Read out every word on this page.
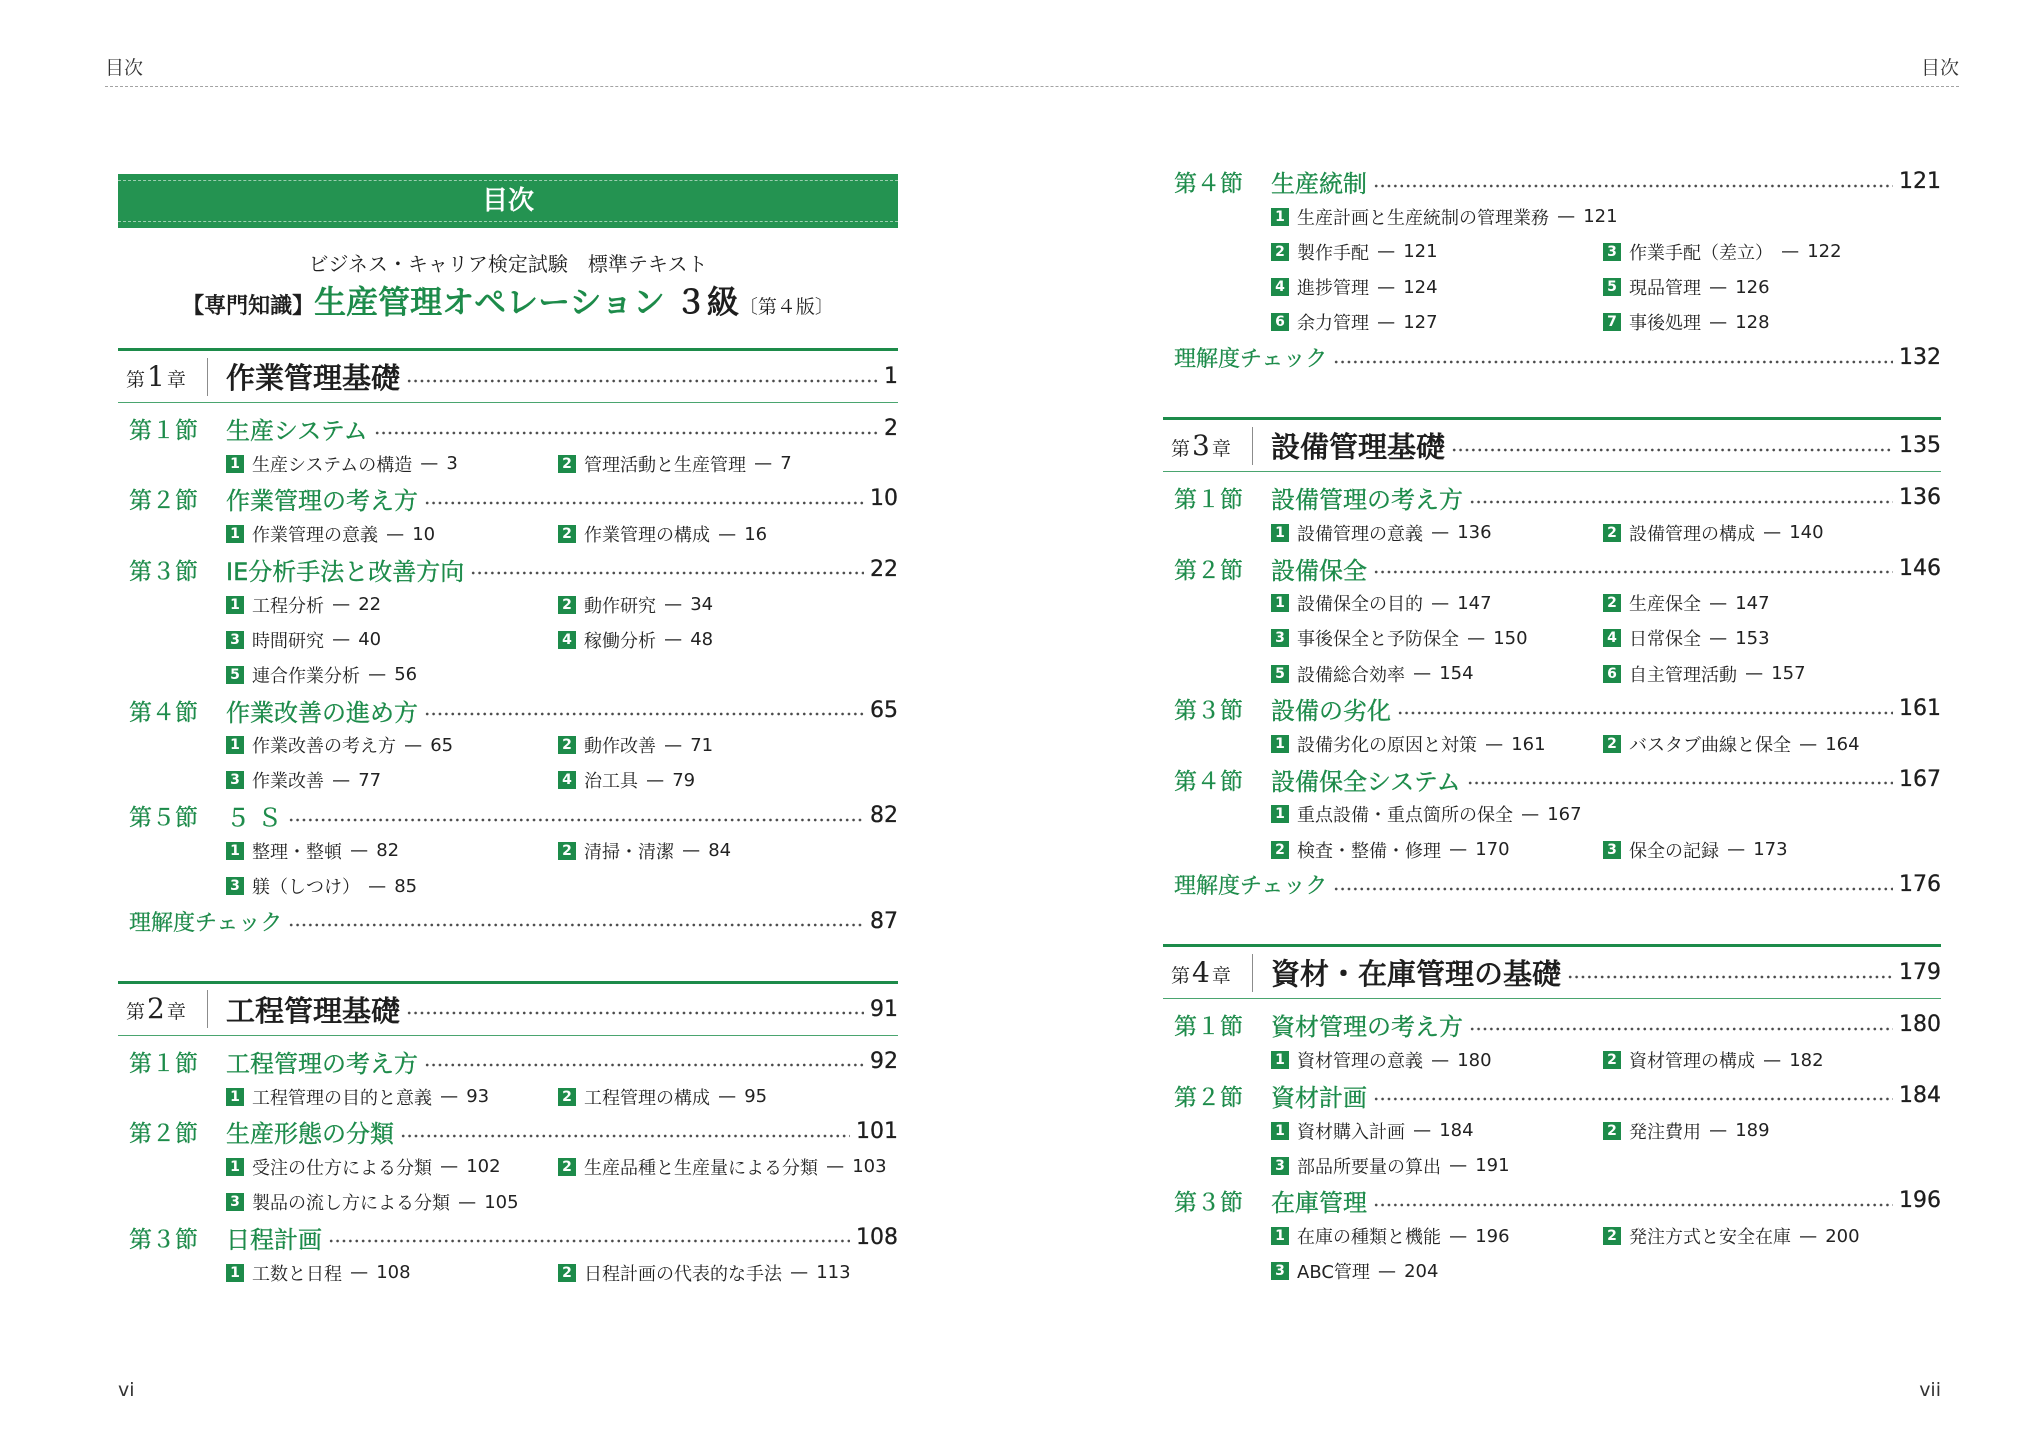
目次	目次
目次
ビジネス・キャリア検定試験　標準テキスト
【専門知識】生産管理オペレーション ３級〔第４版〕
第 1 章 作業管理基礎	1
第１節	生産システム	2
1 生産システムの構造 — 3	2 管理活動と生産管理 — 7
第２節	作業管理の考え方	10
1 作業管理の意義 — 10	2 作業管理の構成 — 16
第３節	IE分析手法と改善方向	22
1 工程分析 — 22	2 動作研究 — 34
3 時間研究 — 40	4 稼働分析 — 48
5 連合作業分析 — 56
第４節	作業改善の進め方	65
1 作業改善の考え方 — 65	2 動作改善 — 71
3 作業改善 — 77	4 治工具 — 79
第５節	５ Ｓ	82
1 整理・整頓 — 82	2 清掃・清潔 — 84
3 躾（しつけ） — 85
理解度チェック	87
第 2 章 工程管理基礎	91
第１節	工程管理の考え方	92
1 工程管理の目的と意義 — 93	2 工程管理の構成 — 95
第２節	生産形態の分類	101
1 受注の仕方による分類 — 102	2 生産品種と生産量による分類 — 103
3 製品の流し方による分類 — 105
第３節	日程計画	108
1 工数と日程 — 108	2 日程計画の代表的な手法 — 113
第４節	生産統制	121
1 生産計画と生産統制の管理業務 — 121
2 製作手配 — 121	3 作業手配（差立） — 122
4 進捗管理 — 124	5 現品管理 — 126
6 余力管理 — 127	7 事後処理 — 128
理解度チェック	132
第 3 章 設備管理基礎	135
第１節	設備管理の考え方	136
1 設備管理の意義 — 136	2 設備管理の構成 — 140
第２節	設備保全	146
1 設備保全の目的 — 147	2 生産保全 — 147
3 事後保全と予防保全 — 150	4 日常保全 — 153
5 設備総合効率 — 154	6 自主管理活動 — 157
第３節	設備の劣化	161
1 設備劣化の原因と対策 — 161	2 バスタブ曲線と保全 — 164
第４節	設備保全システム	167
1 重点設備・重点箇所の保全 — 167
2 検査・整備・修理 — 170	3 保全の記録 — 173
理解度チェック	176
第 4 章 資材・在庫管理の基礎	179
第１節	資材管理の考え方	180
1 資材管理の意義 — 180	2 資材管理の構成 — 182
第２節	資材計画	184
1 資材購入計画 — 184	2 発注費用 — 189
3 部品所要量の算出 — 191
第３節	在庫管理	196
1 在庫の種類と機能 — 196	2 発注方式と安全在庫 — 200
3 ABC管理 — 204
vi	vii
